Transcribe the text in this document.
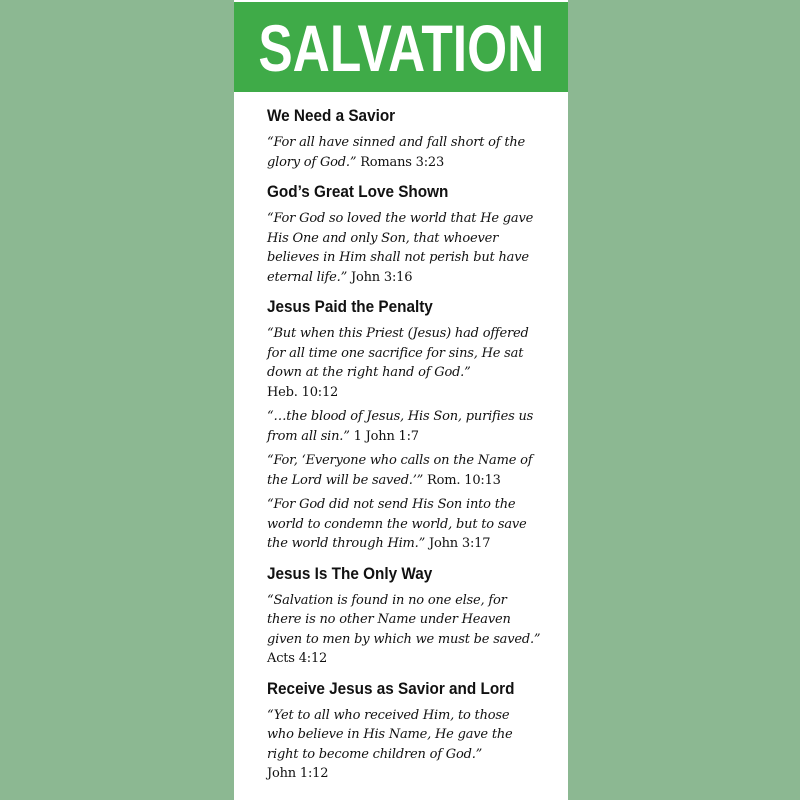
SALVATION
We Need a Savior
“For all have sinned and fall short of the
glory of God.” Romans 3:23
God’s Great Love Shown
“For God so loved the world that He gave
His One and only Son, that whoever
believes in Him shall not perish but have
eternal life.” John 3:16
Jesus Paid the Penalty
“But when this Priest (Jesus) had offered
for all time one sacrifice for sins, He sat
down at the right hand of God.”
Heb. 10:12
“…the blood of Jesus, His Son, purifies us
from all sin.” 1 John 1:7
“For, ‘Everyone who calls on the Name of
the Lord will be saved.’” Rom. 10:13
“For God did not send His Son into the
world to condemn the world, but to save
the world through Him.” John 3:17
Jesus Is The Only Way
“Salvation is found in no one else, for
there is no other Name under Heaven
given to men by which we must be saved.”
Acts 4:12
Receive Jesus as Savior and Lord
“Yet to all who received Him, to those
who believe in His Name, He gave the
right to become children of God.”
John 1:12
